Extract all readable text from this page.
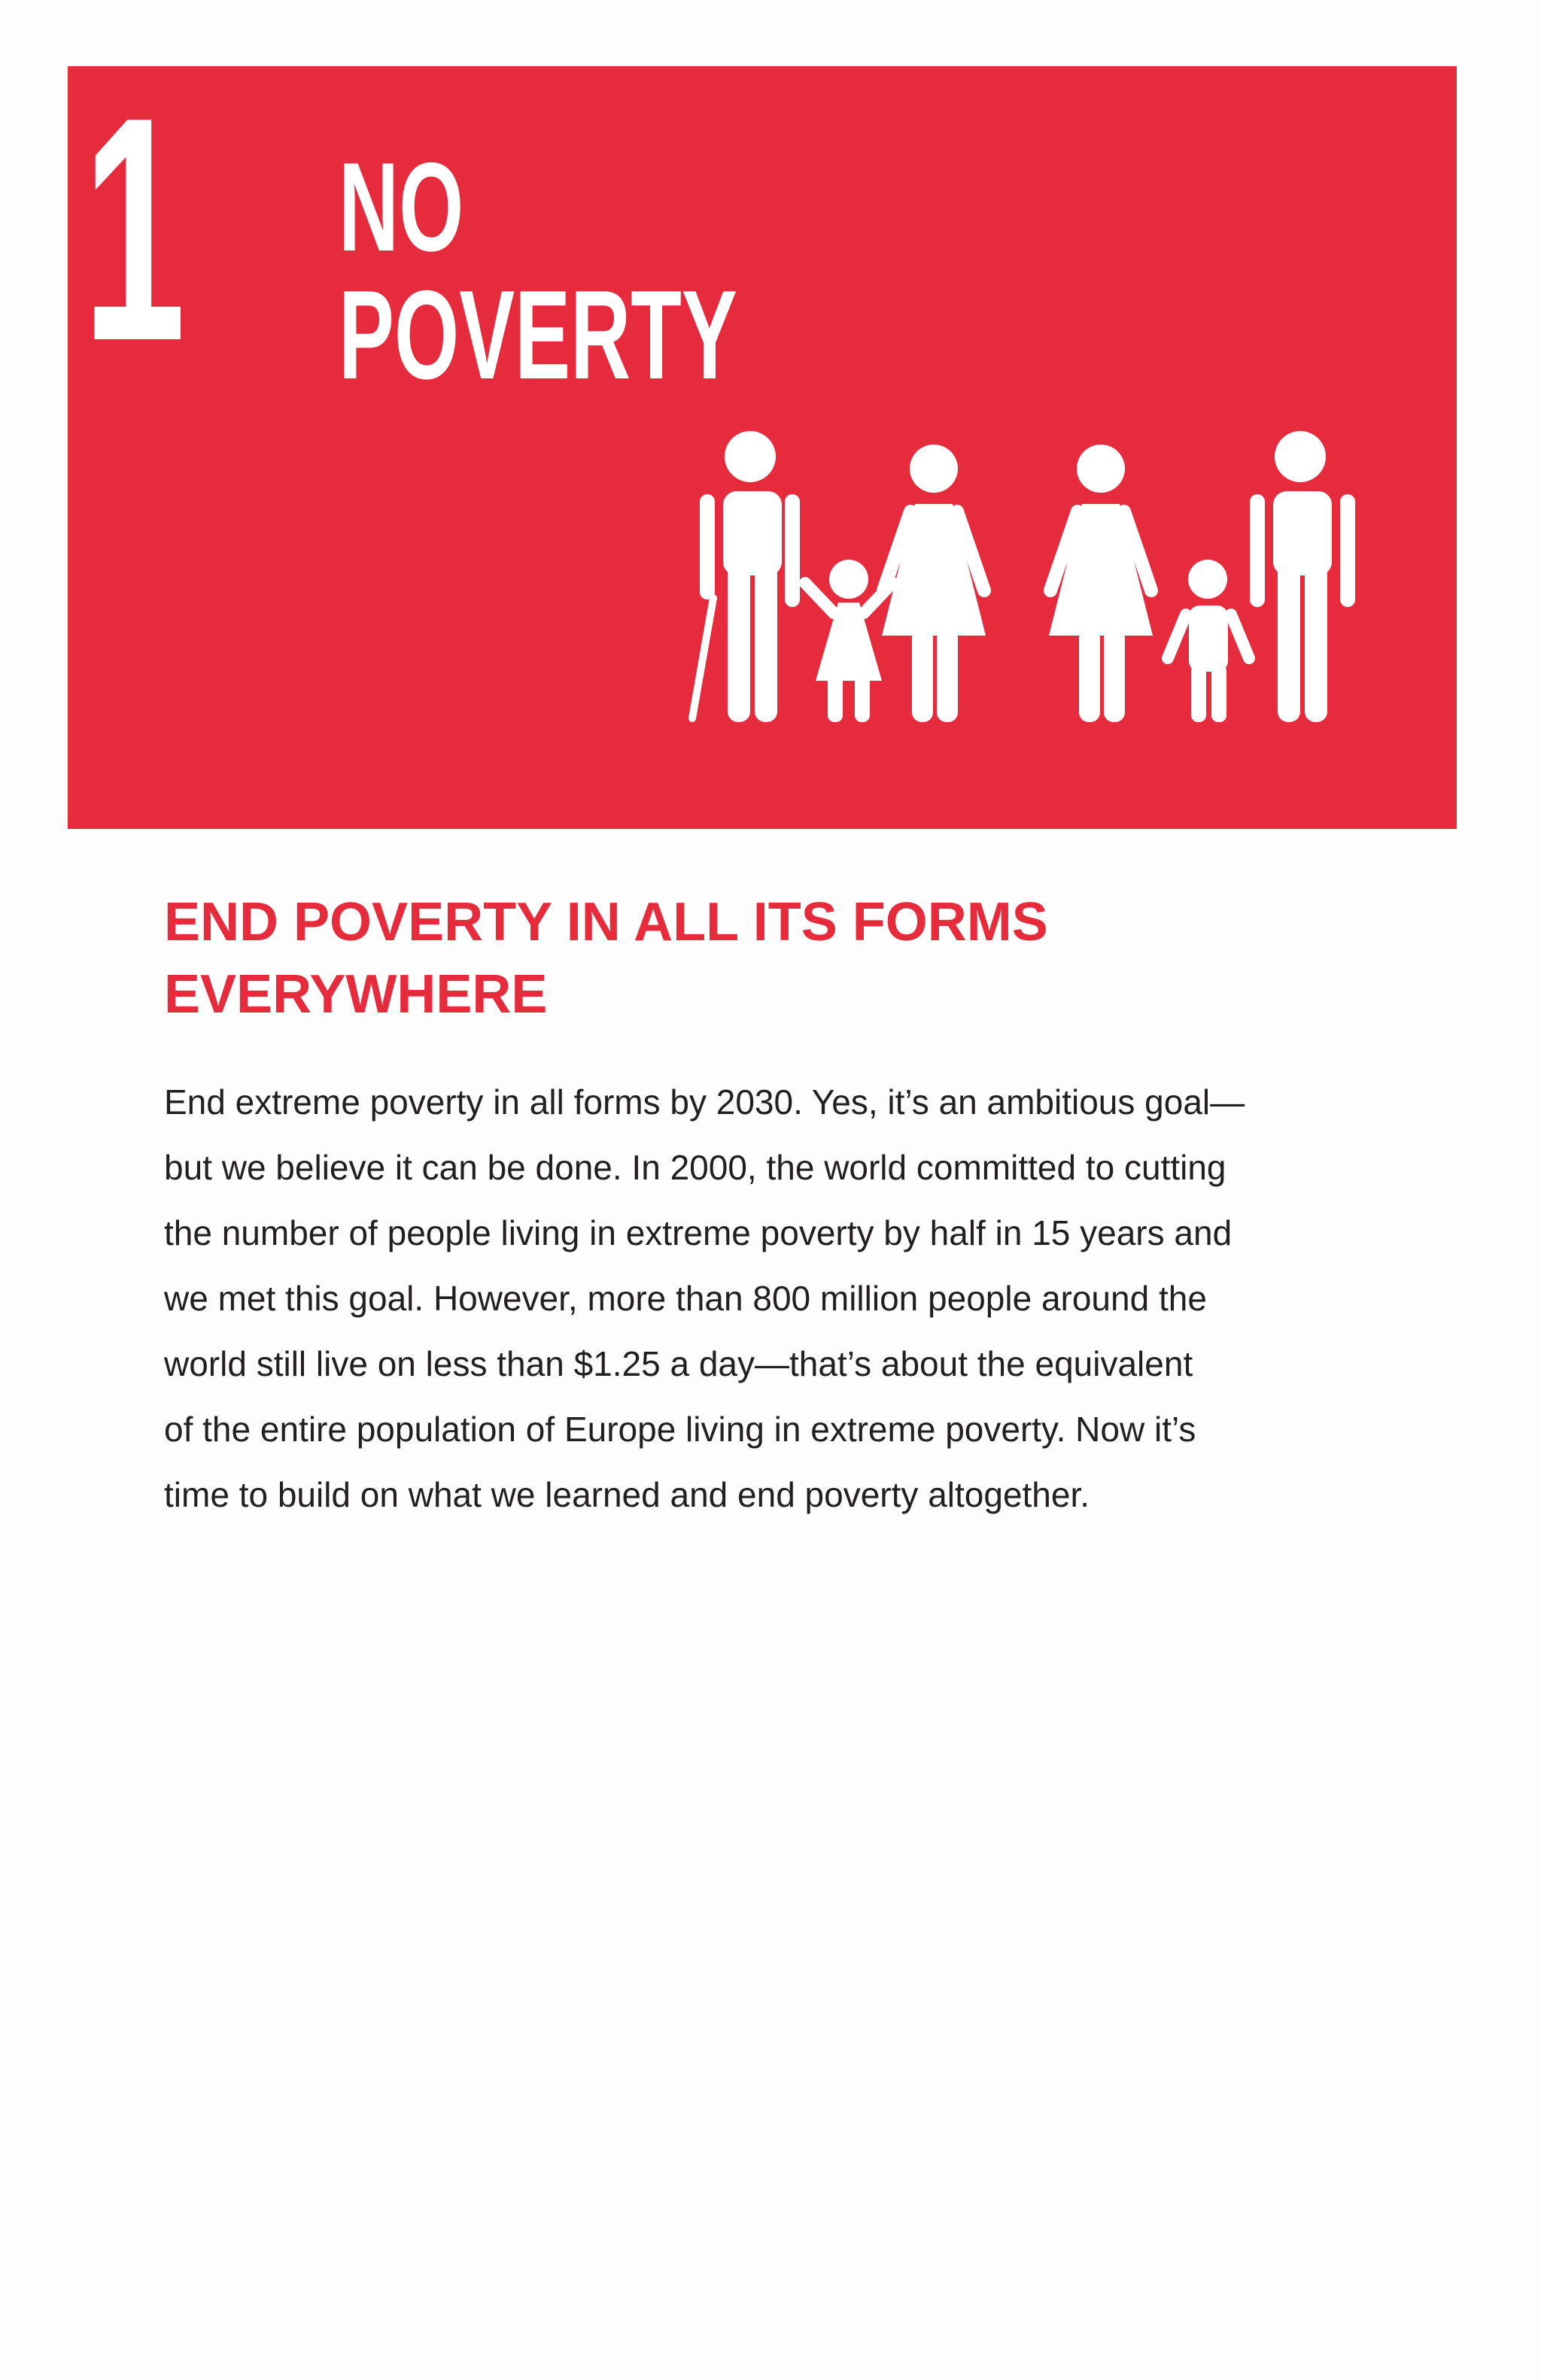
1 NO
POVERTY
END POVERTY IN ALL ITS FORMS
EVERYWHERE

End extreme poverty in all forms by 2030. Yes, it’s an ambitious goal—
but we believe it can be done. In 2000, the world committed to cutting
the number of people living in extreme poverty by half in 15 years and
we met this goal. However, more than 800 million people around the
world still live on less than $1.25 a day—that’s about the equivalent
of the entire population of Europe living in extreme poverty. Now it’s
time to build on what we learned and end poverty altogether.
